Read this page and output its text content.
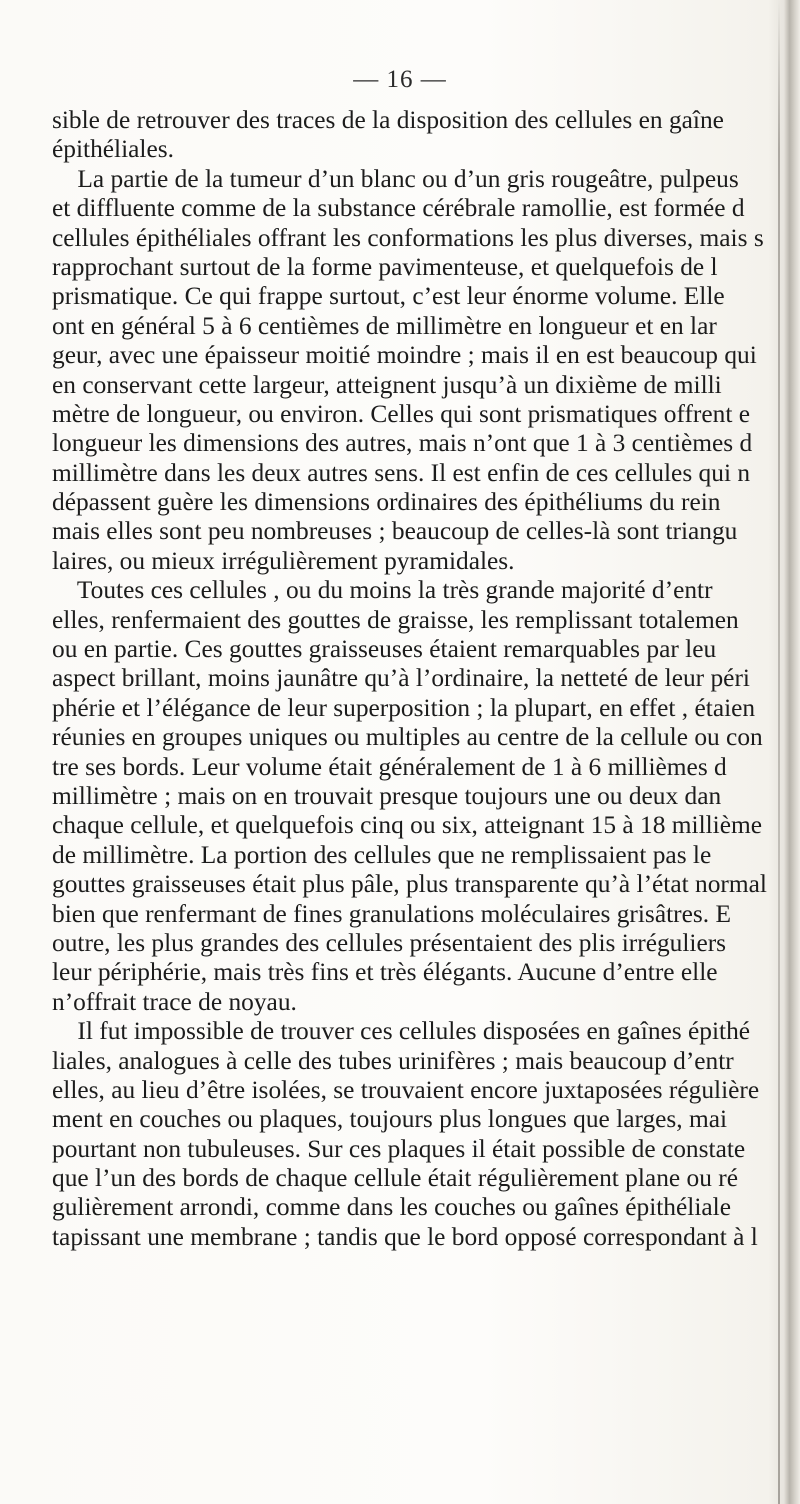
— 16 —
sible de retrouver des traces de la disposition des cellules en gaîne
épithéliales.
La partie de la tumeur d’un blanc ou d’un gris rougeâtre, pulpeus
et diffluente comme de la substance cérébrale ramollie, est formée d
cellules épithéliales offrant les conformations les plus diverses, mais s
rapprochant surtout de la forme pavimenteuse, et quelquefois de l
prismatique. Ce qui frappe surtout, c’est leur énorme volume. Elle
ont en général 5 à 6 centièmes de millimètre en longueur et en lar
geur, avec une épaisseur moitié moindre ; mais il en est beaucoup qui
en conservant cette largeur, atteignent jusqu’à un dixième de milli
mètre de longueur, ou environ. Celles qui sont prismatiques offrent e
longueur les dimensions des autres, mais n’ont que 1 à 3 centièmes d
millimètre dans les deux autres sens. Il est enfin de ces cellules qui n
dépassent guère les dimensions ordinaires des épithéliums du rein
mais elles sont peu nombreuses ; beaucoup de celles-là sont triangu
laires, ou mieux irrégulièrement pyramidales.
Toutes ces cellules , ou du moins la très grande majorité d’entr
elles, renfermaient des gouttes de graisse, les remplissant totalemen
ou en partie. Ces gouttes graisseuses étaient remarquables par leu
aspect brillant, moins jaunâtre qu’à l’ordinaire, la netteté de leur péri
phérie et l’élégance de leur superposition ; la plupart, en effet , étaien
réunies en groupes uniques ou multiples au centre de la cellule ou con
tre ses bords. Leur volume était généralement de 1 à 6 millièmes d
millimètre ; mais on en trouvait presque toujours une ou deux dan
chaque cellule, et quelquefois cinq ou six, atteignant 15 à 18 millième
de millimètre. La portion des cellules que ne remplissaient pas le
gouttes graisseuses était plus pâle, plus transparente qu’à l’état normal
bien que renfermant de fines granulations moléculaires grisâtres. E
outre, les plus grandes des cellules présentaient des plis irréguliers
leur périphérie, mais très fins et très élégants. Aucune d’entre elle
n’offrait trace de noyau.
Il fut impossible de trouver ces cellules disposées en gaînes épithé
liales, analogues à celle des tubes urinifères ; mais beaucoup d’entr
elles, au lieu d’être isolées, se trouvaient encore juxtaposées régulière
ment en couches ou plaques, toujours plus longues que larges, mai
pourtant non tubuleuses. Sur ces plaques il était possible de constate
que l’un des bords de chaque cellule était régulièrement plane ou ré
gulièrement arrondi, comme dans les couches ou gaînes épithéliale
tapissant une membrane ; tandis que le bord opposé correspondant à l
